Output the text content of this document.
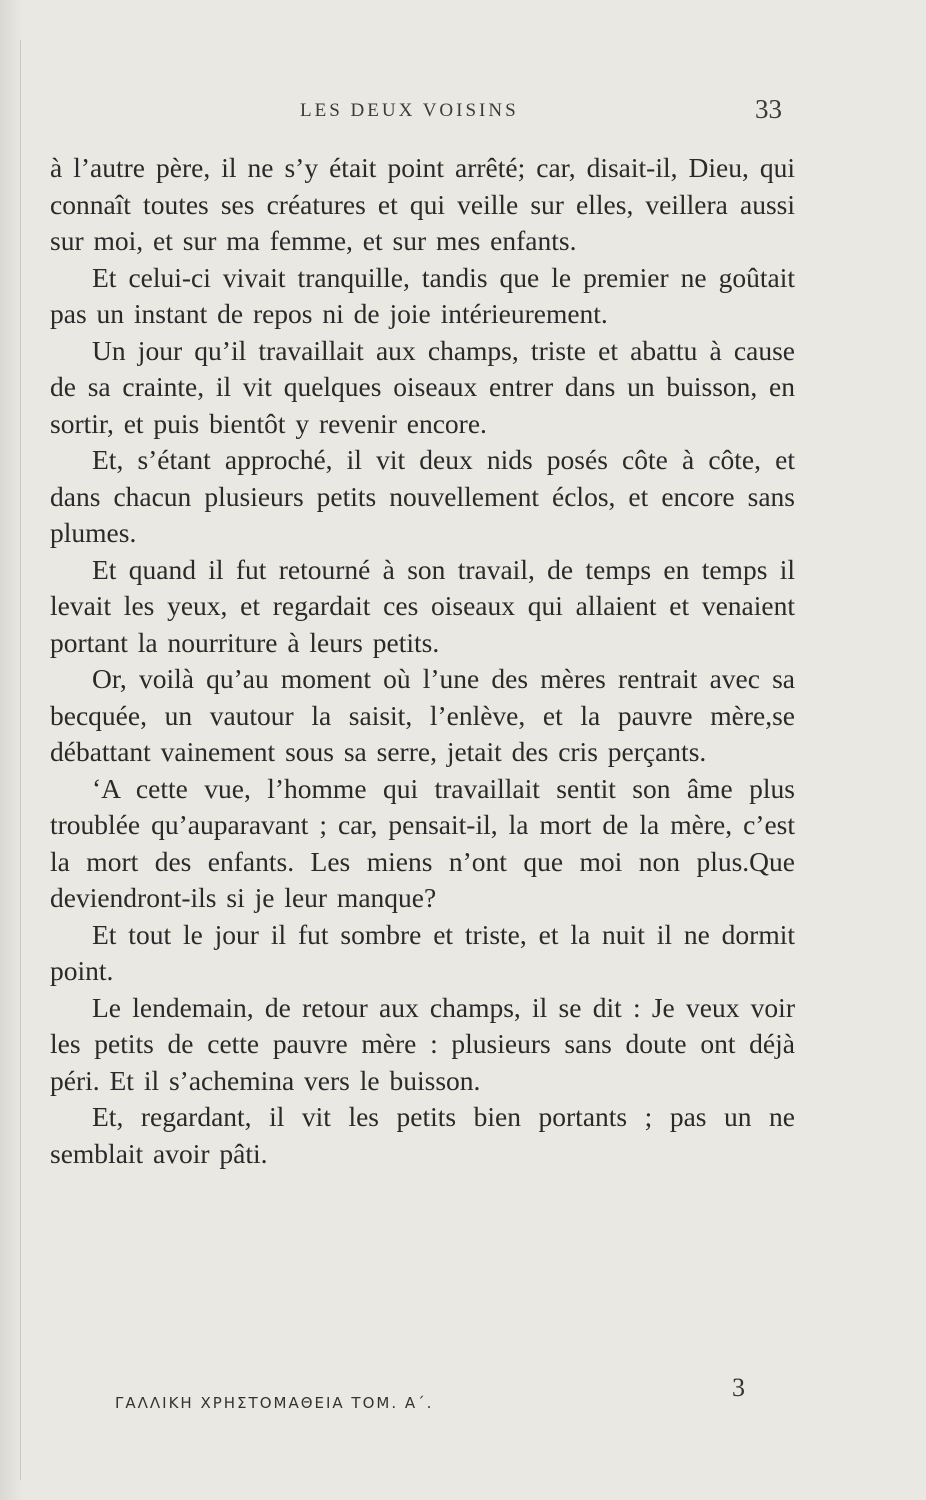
LES DEUX VOISINS	33

à l’autre père, il ne s’y était point arrêté; car, disait-il, Dieu, qui connaît toutes ses créatures et qui veille sur elles, veillera aussi sur moi, et sur ma femme, et sur mes enfants.

Et celui-ci vivait tranquille, tandis que le premier ne goûtait pas un instant de repos ni de joie intérieurement.

Un jour qu’il travaillait aux champs, triste et abattu à cause de sa crainte, il vit quelques oiseaux entrer dans un buisson, en sortir, et puis bientôt y revenir encore.

Et, s’étant approché, il vit deux nids posés côte à côte, et dans chacun plusieurs petits nouvellement éclos, et encore sans plumes.

Et quand il fut retourné à son travail, de temps en temps il levait les yeux, et regardait ces oiseaux qui allaient et venaient portant la nourriture à leurs petits.

Or, voilà qu’au moment où l’une des mères rentrait avec sa becquée, un vautour la saisit, l’enlève, et la pauvre mère,se débattant vainement sous sa serre, jetait des cris perçants.

‘A cette vue, l’homme qui travaillait sentit son âme plus troublée qu’auparavant ; car, pensait-il, la mort de la mère, c’est la mort des enfants. Les miens n’ont que moi non plus.Que deviendront-ils si je leur manque?

Et tout le jour il fut sombre et triste, et la nuit il ne dormit point.

Le lendemain, de retour aux champs, il se dit : Je veux voir les petits de cette pauvre mère : plusieurs sans doute ont déjà péri. Et il s’achemina vers le buisson.

Et, regardant, il vit les petits bien portants ; pas un ne semblait avoir pâti.

ΓΑΛΛΙΚΗ ΧΡΗΣΤΟΜΑΘΕΙΑ ΤΟΜ. Α΄.
3
